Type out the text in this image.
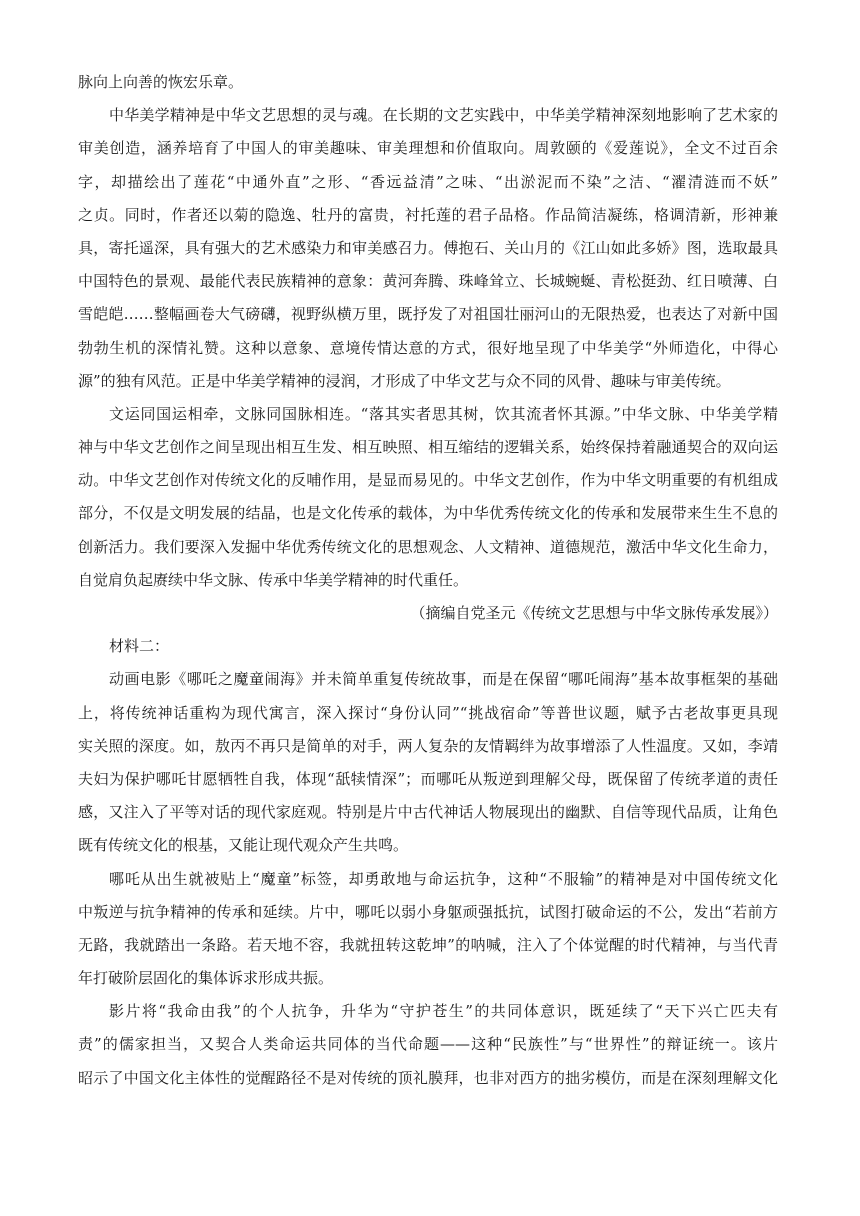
脉向上向善的恢宏乐章。
中华美学精神是中华文艺思想的灵与魂。在长期的文艺实践中，中华美学精神深刻地影响了艺术家的
审美创造，涵养培育了中国人的审美趣味、审美理想和价值取向。周敦颐的《爱莲说》，全文不过百余
字，却描绘出了莲花“中通外直”之形、“香远益清”之味、“出淤泥而不染”之洁、“濯清涟而不妖”
之贞。同时，作者还以菊的隐逸、牡丹的富贵，衬托莲的君子品格。作品简洁凝练，格调清新，形神兼
具，寄托遥深，具有强大的艺术感染力和审美感召力。傅抱石、关山月的《江山如此多娇》图，选取最具
中国特色的景观、最能代表民族精神的意象：黄河奔腾、珠峰耸立、长城蜿蜒、青松挺劲、红日喷薄、白
雪皑皑……整幅画卷大气磅礴，视野纵横万里，既抒发了对祖国壮丽河山的无限热爱，也表达了对新中国
勃勃生机的深情礼赞。这种以意象、意境传情达意的方式，很好地呈现了中华美学“外师造化，中得心
源”的独有风范。正是中华美学精神的浸润，才形成了中华文艺与众不同的风骨、趣味与审美传统。
文运同国运相牵，文脉同国脉相连。“落其实者思其树，饮其流者怀其源。”中华文脉、中华美学精
神与中华文艺创作之间呈现出相互生发、相互映照、相互缩结的逻辑关系，始终保持着融通契合的双向运
动。中华文艺创作对传统文化的反哺作用，是显而易见的。中华文艺创作，作为中华文明重要的有机组成
部分，不仅是文明发展的结晶，也是文化传承的载体，为中华优秀传统文化的传承和发展带来生生不息的
创新活力。我们要深入发掘中华优秀传统文化的思想观念、人文精神、道德规范，激活中华文化生命力，
自觉肩负起赓续中华文脉、传承中华美学精神的时代重任。
（摘编自党圣元《传统文艺思想与中华文脉传承发展》）
材料二：
动画电影《哪吒之魔童闹海》并未简单重复传统故事，而是在保留“哪吒闹海”基本故事框架的基础
上，将传统神话重构为现代寓言，深入探讨“身份认同”“挑战宿命”等普世议题，赋予古老故事更具现
实关照的深度。如，敖丙不再只是简单的对手，两人复杂的友情羁绊为故事增添了人性温度。又如，李靖
夫妇为保护哪吒甘愿牺牲自我，体现“舐犊情深”；而哪吒从叛逆到理解父母，既保留了传统孝道的责任
感，又注入了平等对话的现代家庭观。特别是片中古代神话人物展现出的幽默、自信等现代品质，让角色
既有传统文化的根基，又能让现代观众产生共鸣。
哪吒从出生就被贴上“魔童”标签，却勇敢地与命运抗争，这种“不服输”的精神是对中国传统文化
中叛逆与抗争精神的传承和延续。片中，哪吒以弱小身躯顽强抵抗，试图打破命运的不公，发出“若前方
无路，我就踏出一条路。若天地不容，我就扭转这乾坤”的呐喊，注入了个体觉醒的时代精神，与当代青
年打破阶层固化的集体诉求形成共振。
影片将“我命由我”的个人抗争，升华为“守护苍生”的共同体意识，既延续了“天下兴亡匹夫有
责”的儒家担当，又契合人类命运共同体的当代命题——这种“民族性”与“世界性”的辩证统一。该片
昭示了中国文化主体性的觉醒路径不是对传统的顶礼膜拜，也非对西方的拙劣模仿，而是在深刻理解文化
